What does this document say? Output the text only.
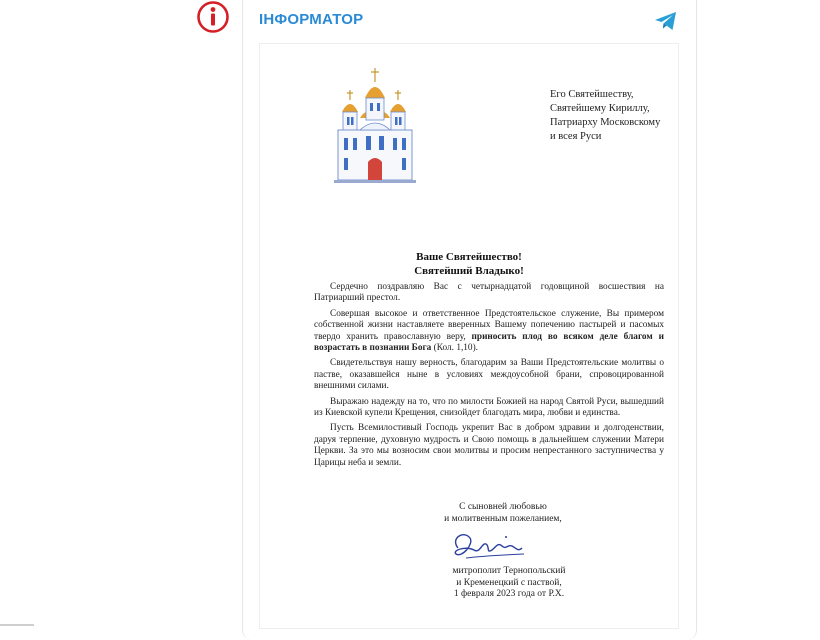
ІНФОРМАТОР
Его Святейшеству,
Святейшему Кириллу,
Патриарху Московскому
и всея Руси
Ваше Святейшество!
Святейший Владыко!

Сердечно поздравляю Вас с четырнадцатой годовщиной восшествия на Патриарший престол.

Совершая высокое и ответственное Предстоятельское служение, Вы примером собственной жизни наставляете вверенных Вашему попечению пастырей и пасомых твердо хранить православную веру, приносить плод во всяком деле благом и возрастать в познании Бога (Кол. 1,10).

Свидетельствуя нашу верность, благодарим за Ваши Предстоятельские молитвы о пастве, оказавшейся ныне в условиях междоусобной брани, спровоцированной внешними силами.

Выражаю надежду на то, что по милости Божией на народ Святой Руси, вышедший из Киевской купели Крещения, снизойдет благодать мира, любви и единства.

Пусть Всемилостивый Господь укрепит Вас в добром здравии и долгоденствии, даруя терпение, духовную мудрость и Свою помощь в дальнейшем служении Матери Церкви. За это мы возносим свои молитвы и просим непрестанного заступничества у Царицы неба и земли.

С сыновней любовью
и молитвенным пожеланием,
митрополит Тернопольский
и Кременецкий с паствой,
1 февраля 2023 года от Р.Х.
